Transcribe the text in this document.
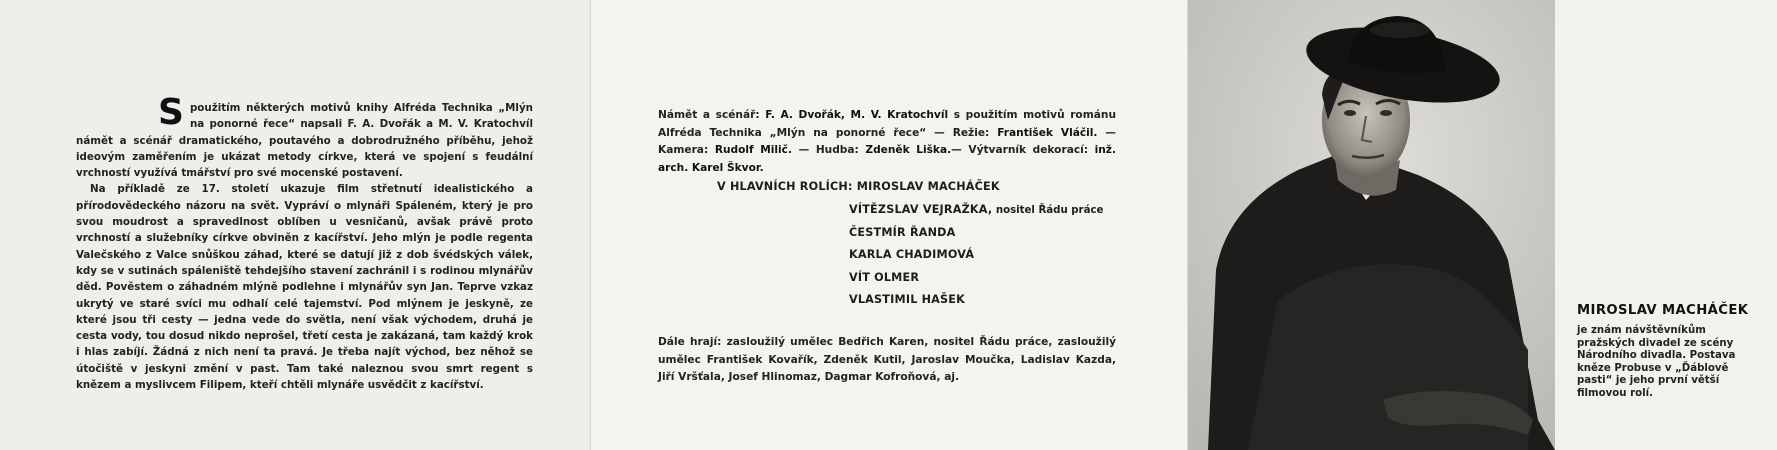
S použitím některých motivů knihy Alfréda Technika „Mlýn na ponorné řece“ napsali F. A. Dvořák a M. V. Kratochvíl námět a scénář dramatického, poutavého a dobrodružného příběhu, jehož ideovým zaměřením je ukázat metody církve, která ve spojení s feudální vrchností využívá tmářství pro své mocenské postavení.

Na příkladě ze 17. století ukazuje film střetnutí idealistického a přírodovědeckého názoru na svět. Vypráví o mlynáři Spáleném, který je pro svou moudrost a spravedlnost oblíben u vesničanů, avšak právě proto vrchností a služebníky církve obviněn z kacířství. Jeho mlýn je podle regenta Valečského z Valce snůškou záhad, které se datují již z dob švédských válek, kdy se v sutinách spáleniště tehdejšího stavení zachránil i s rodinou mlynářův děd. Pověstem o záhadném mlýně podlehne i mlynářův syn Jan. Teprve vzkaz ukrytý ve staré svíci mu odhalí celé tajemství. Pod mlýnem je jeskyně, ze které jsou tři cesty — jedna vede do světla, není však východem, druhá je cesta vody, tou dosud nikdo neprošel, třetí cesta je zakázaná, tam každý krok i hlas zabíjí. Žádná z nich není ta pravá. Je třeba najít východ, bez něhož se útočiště v jeskyni změní v past. Tam také naleznou svou smrt regent s knězem a myslivcem Filipem, kteří chtěli mlynáře usvědčit z kacířství.

Námět a scénář: F. A. Dvořák, M. V. Kratochvíl s použitím motivů románu Alfréda Technika „Mlýn na ponorné řece“ — Režie: František Vláčil. — Kamera: Rudolf Milič. — Hudba: Zdeněk Liška.— Výtvarník dekorací: inž. arch. Karel Škvor.
V HLAVNÍCH ROLÍCH: MIROSLAV MACHÁČEK
VÍTĚZSLAV VEJRAŽKA, nositel Řádu práce
ČESTMÍR ŘANDA
KARLA CHADIMOVÁ
VÍT OLMER
VLASTIMIL HAŠEK
Dále hrají: zasloužilý umělec Bedřich Karen, nositel Řádu práce, zasloužilý umělec František Kovařík, Zdeněk Kutil, Jaroslav Moučka, Ladislav Kazda, Jiří Vršťala, Josef Hlinomaz, Dagmar Kofroňová, aj.
MIROSLAV MACHÁČEK
je znám návštěvníkům pražských divadel ze scény Národního divadla. Postava kněze Probuse v „Ďáblově pasti“ je jeho první větší filmovou rolí.
